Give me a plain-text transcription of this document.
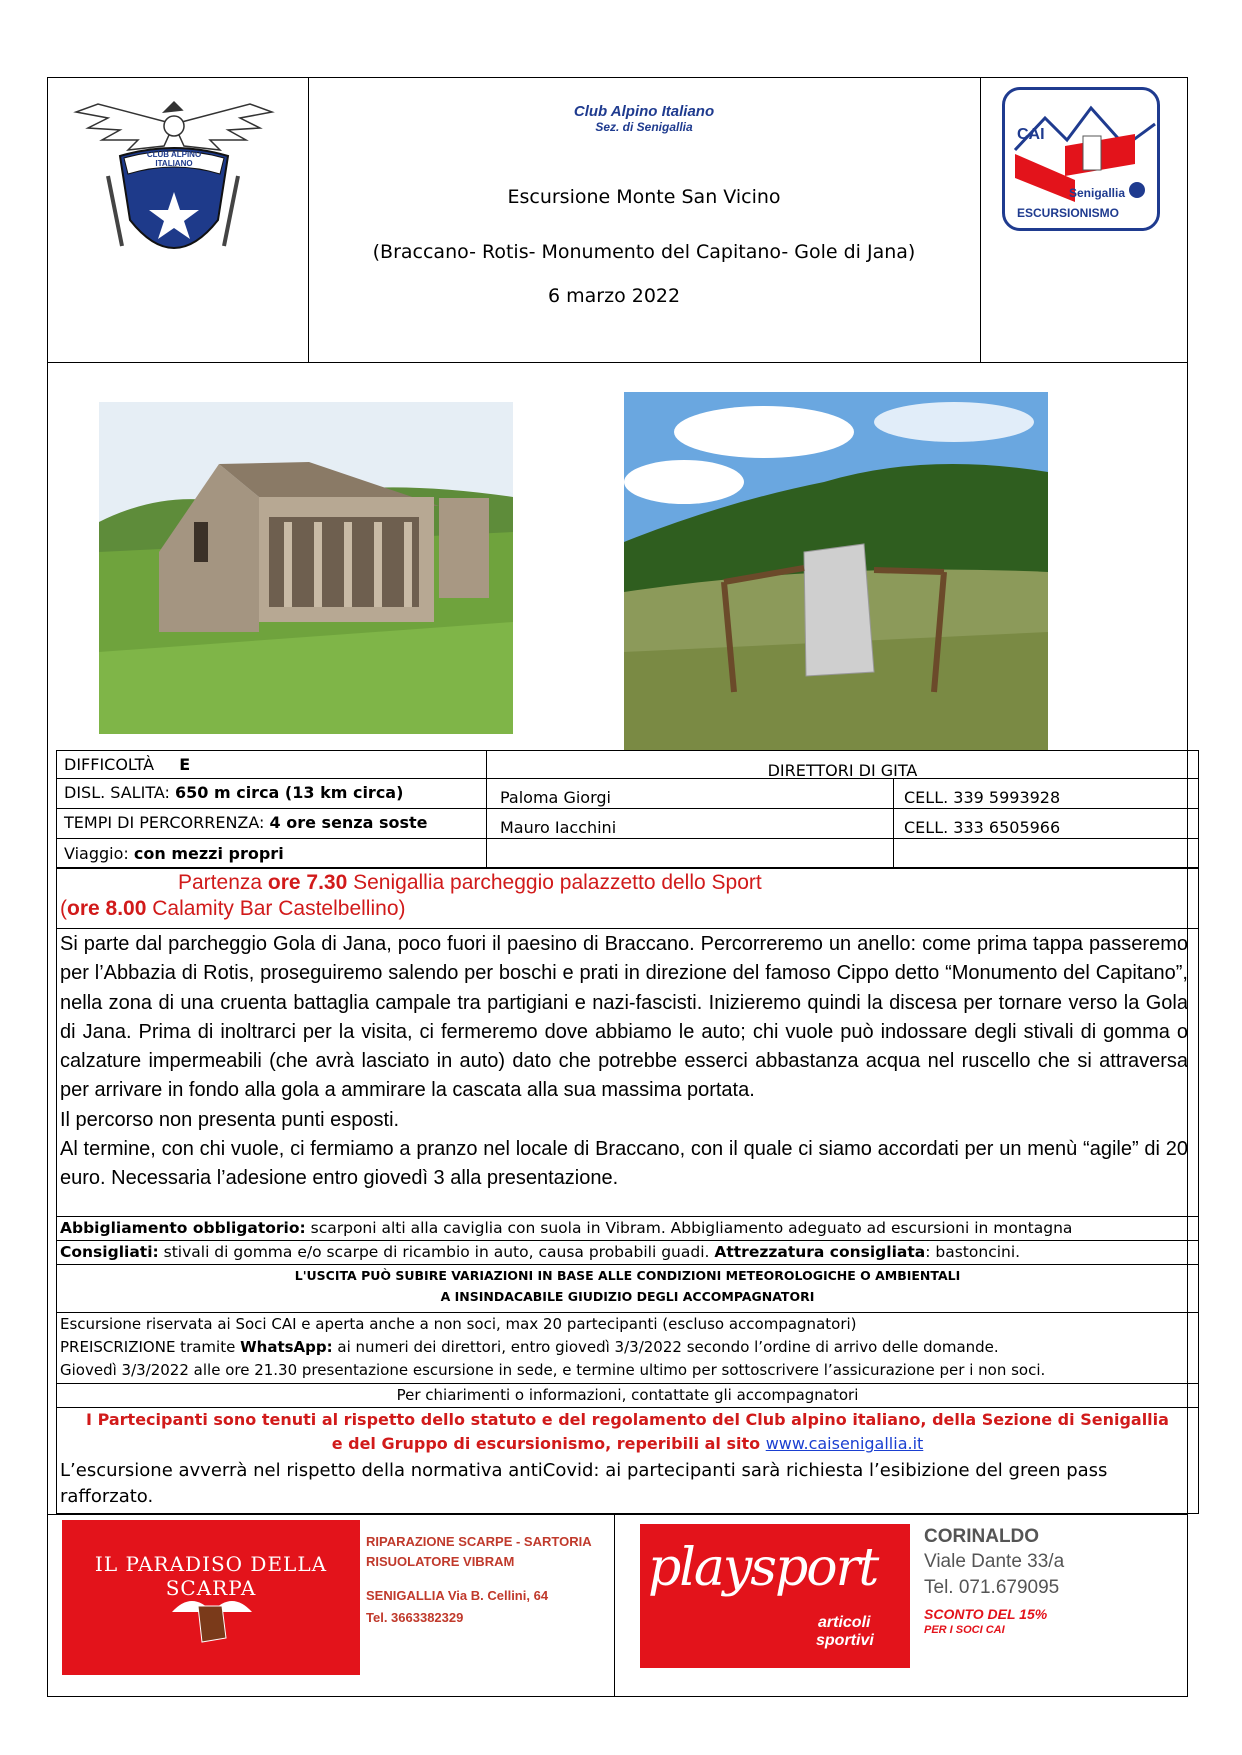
CLUB ALPINO ITALIANO
Club Alpino Italiano
Sez. di Senigallia
Escursione Monte San Vicino
(Braccano- Rotis- Monumento del Capitano- Gole di Jana)
6 marzo 2022
CAI
Senigallia
ESCURSIONISMO
DIFFICOLTÀ E	DIRETTORI DI GITA
DISL. SALITA: 650 m circa (13 km circa)	Paloma Giorgi	CELL. 339 5993928
TEMPI DI PERCORRENZA: 4 ore senza soste	Mauro Iacchini	CELL. 333 6505966
Viaggio: con mezzi propri
Partenza ore 7.30 Senigallia parcheggio palazzetto dello Sport
(ore 8.00 Calamity Bar Castelbellino)
Si parte dal parcheggio Gola di Jana, poco fuori il paesino di Braccano. Percorreremo un anello: come prima tappa passeremo per l’Abbazia di Rotis, proseguiremo salendo per boschi e prati in direzione del famoso Cippo detto “Monumento del Capitano”, nella zona di una cruenta battaglia campale tra partigiani e nazi-fascisti. Inizieremo quindi la discesa per tornare verso la Gola di Jana. Prima di inoltrarci per la visita, ci fermeremo dove abbiamo le auto; chi vuole può indossare degli stivali di gomma o calzature impermeabili (che avrà lasciato in auto) dato che potrebbe esserci abbastanza acqua nel ruscello che si attraversa per arrivare in fondo alla gola a ammirare la cascata alla sua massima portata.
Il percorso non presenta punti esposti.
Al termine, con chi vuole, ci fermiamo a pranzo nel locale di Braccano, con il quale ci siamo accordati per un menù “agile” di 20 euro. Necessaria l’adesione entro giovedì 3 alla presentazione.
Abbigliamento obbligatorio: scarponi alti alla caviglia con suola in Vibram. Abbigliamento adeguato ad escursioni in montagna
Consigliati: stivali di gomma e/o scarpe di ricambio in auto, causa probabili guadi. Attrezzatura consigliata: bastoncini.
L'USCITA PUÒ SUBIRE VARIAZIONI IN BASE ALLE CONDIZIONI METEOROLOGICHE O AMBIENTALI
A INSINDACABILE GIUDIZIO DEGLI ACCOMPAGNATORI
Escursione riservata ai Soci CAI e aperta anche a non soci, max 20 partecipanti (escluso accompagnatori)
PREISCRIZIONE tramite WhatsApp: ai numeri dei direttori, entro giovedì 3/3/2022 secondo l’ordine di arrivo delle domande.
Giovedì 3/3/2022 alle ore 21.30 presentazione escursione in sede, e termine ultimo per sottoscrivere l’assicurazione per i non soci.
Per chiarimenti o informazioni, contattate gli accompagnatori
I Partecipanti sono tenuti al rispetto dello statuto e del regolamento del Club alpino italiano, della Sezione di Senigallia
e del Gruppo di escursionismo, reperibili al sito www.caisenigallia.it
L’escursione avverrà nel rispetto della normativa antiCovid: ai partecipanti sarà richiesta l’esibizione del green pass rafforzato.
IL PARADISO DELLA SCARPA
RIPARAZIONE SCARPE - SARTORIA
RISUOLATORE VIBRAM
SENIGALLIA Via B. Cellini, 64
Tel. 3663382329
playsport
articoli
sportivi
CORINALDO
Viale Dante 33/a
Tel. 071.679095
SCONTO DEL 15%
PER I SOCI CAI
